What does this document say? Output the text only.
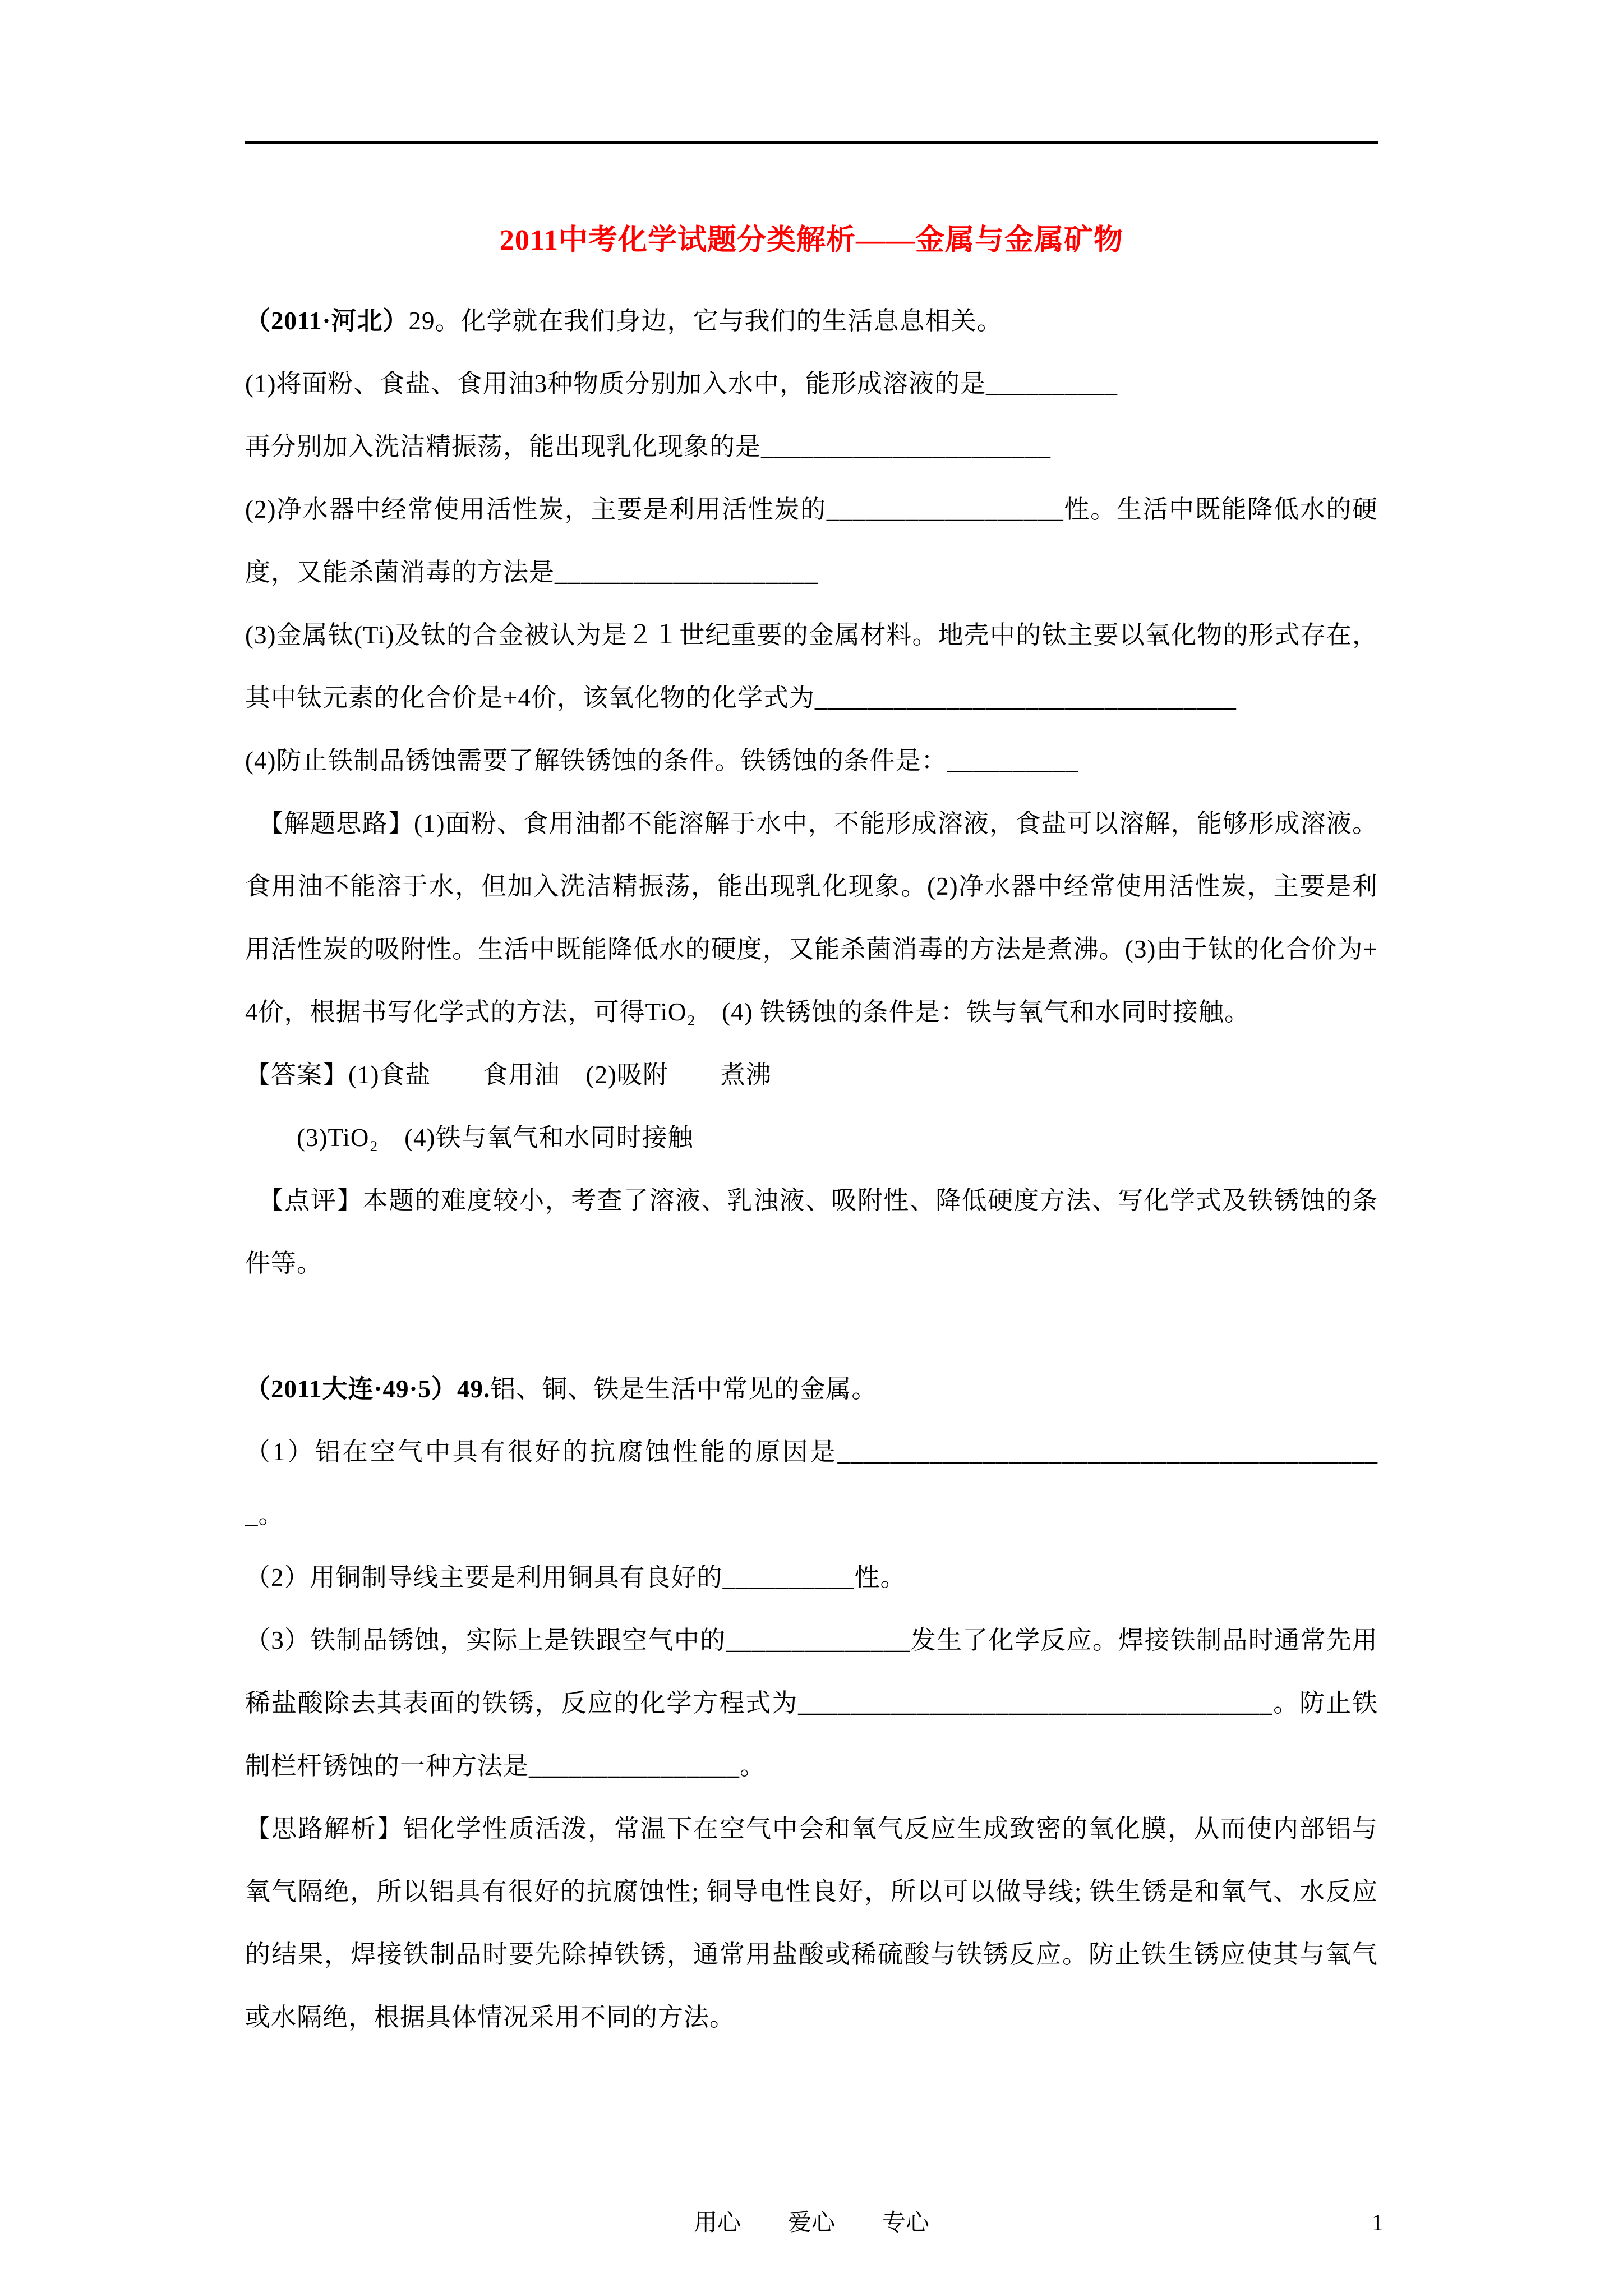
2011中考化学试题分类解析——金属与金属矿物

（2011·河北）29。化学就在我们身边，它与我们的生活息息相关。

(1)将面粉、食盐、食用油3种物质分别加入水中，能形成溶液的是__________

再分别加入洗洁精振荡，能出现乳化现象的是______________________

(2)净水器中经常使用活性炭，主要是利用活性炭的__________________性。生活中既能降低水的硬度，又能杀菌消毒的方法是____________________

(3)金属钛(Ti)及钛的合金被认为是２１世纪重要的金属材料。地壳中的钛主要以氧化物的形式存在，其中钛元素的化合价是+4价，该氧化物的化学式为________________________________

(4)防止铁制品锈蚀需要了解铁锈蚀的条件。铁锈蚀的条件是：__________

　【解题思路】(1)面粉、食用油都不能溶解于水中，不能形成溶液，食盐可以溶解，能够形成溶液。食用油不能溶于水，但加入洗洁精振荡，能出现乳化现象。(2)净水器中经常使用活性炭，主要是利用活性炭的吸附性。生活中既能降低水的硬度，又能杀菌消毒的方法是煮沸。(3)由于钛的化合价为+4价，根据书写化学式的方法，可得TiO₂　(4) 铁锈蚀的条件是：铁与氧气和水同时接触。

【答案】(1)食盐　　食用油　(2)吸附　　煮沸

　　(3)TiO₂　(4)铁与氧气和水同时接触

　【点评】本题的难度较小，考查了溶液、乳浊液、吸附性、降低硬度方法、写化学式及铁锈蚀的条件等。

（2011大连·49·5）49.铝、铜、铁是生活中常见的金属。

（1）铝在空气中具有很好的抗腐蚀性能的原因是__________________________________________。

（2）用铜制导线主要是利用铜具有良好的__________性。

（3）铁制品锈蚀，实际上是铁跟空气中的______________发生了化学反应。焊接铁制品时通常先用稀盐酸除去其表面的铁锈，反应的化学方程式为____________________________________。防止铁制栏杆锈蚀的一种方法是________________。

【思路解析】铝化学性质活泼，常温下在空气中会和氧气反应生成致密的氧化膜，从而使内部铝与氧气隔绝，所以铝具有很好的抗腐蚀性; 铜导电性良好，所以可以做导线; 铁生锈是和氧气、水反应的结果，焊接铁制品时要先除掉铁锈，通常用盐酸或稀硫酸与铁锈反应。防止铁生锈应使其与氧气或水隔绝，根据具体情况采用不同的方法。

用心　　爱心　　专心	1
